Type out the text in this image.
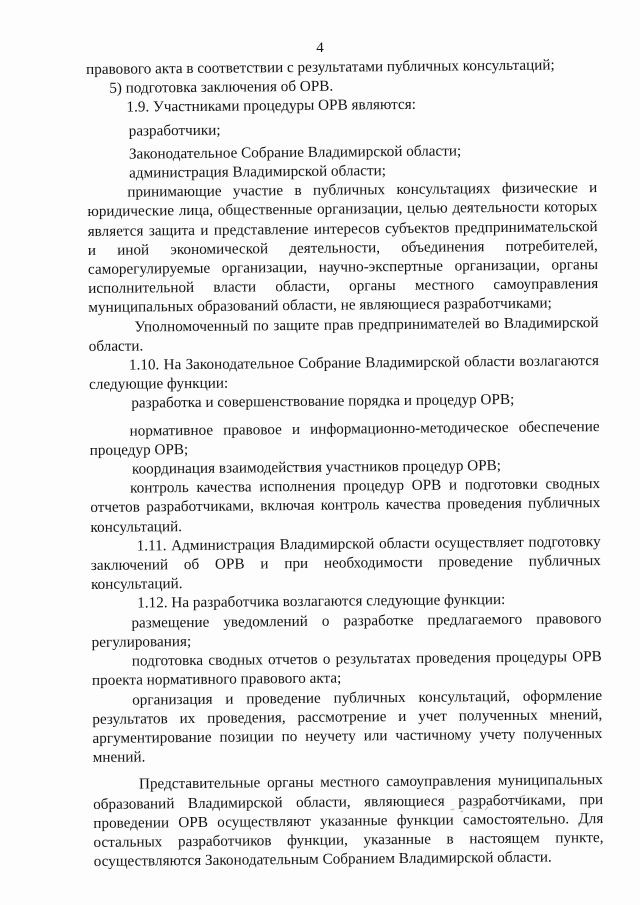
4

правового акта в соответствии с результатами публичных консультаций;

5) подготовка заключения об ОРВ.

1.9. Участниками процедуры ОРВ являются:

разработчики;

Законодательное Собрание Владимирской области;

администрация Владимирской области;

принимающие участие в публичных консультациях физические и юридические лица, общественные организации, целью деятельности которых является защита и представление интересов субъектов предпринимательской и иной экономической деятельности, объединения потребителей, саморегулируемые организации, научно-экспертные организации, органы исполнительной власти области, органы местного самоуправления муниципальных образований области, не являющиеся разработчиками;

Уполномоченный по защите прав предпринимателей во Владимирской области.

1.10. На Законодательное Собрание Владимирской области возлагаются следующие функции:

разработка и совершенствование порядка и процедур ОРВ;

нормативное правовое и информационно-методическое обеспечение процедур ОРВ;

координация взаимодействия участников процедур ОРВ;

контроль качества исполнения процедур ОРВ и подготовки сводных отчетов разработчиками, включая контроль качества проведения публичных консультаций.

1.11. Администрация Владимирской области осуществляет подготовку заключений об ОРВ и при необходимости проведение публичных консультаций.

1.12. На разработчика возлагаются следующие функции:

размещение уведомлений о разработке предлагаемого правового регулирования;

подготовка сводных отчетов о результатах проведения процедуры ОРВ проекта нормативного правового акта;

организация и проведение публичных консультаций, оформление результатов их проведения, рассмотрение и учет полученных мнений, аргументирование позиции по неучету или частичному учету полученных мнений.

Представительные органы местного самоуправления муниципальных образований Владимирской области, являющиеся разработчиками, при проведении ОРВ осуществляют указанные функции самостоятельно. Для остальных разработчиков функции, указанные в настоящем пункте, осуществляются Законодательным Собранием Владимирской области.
